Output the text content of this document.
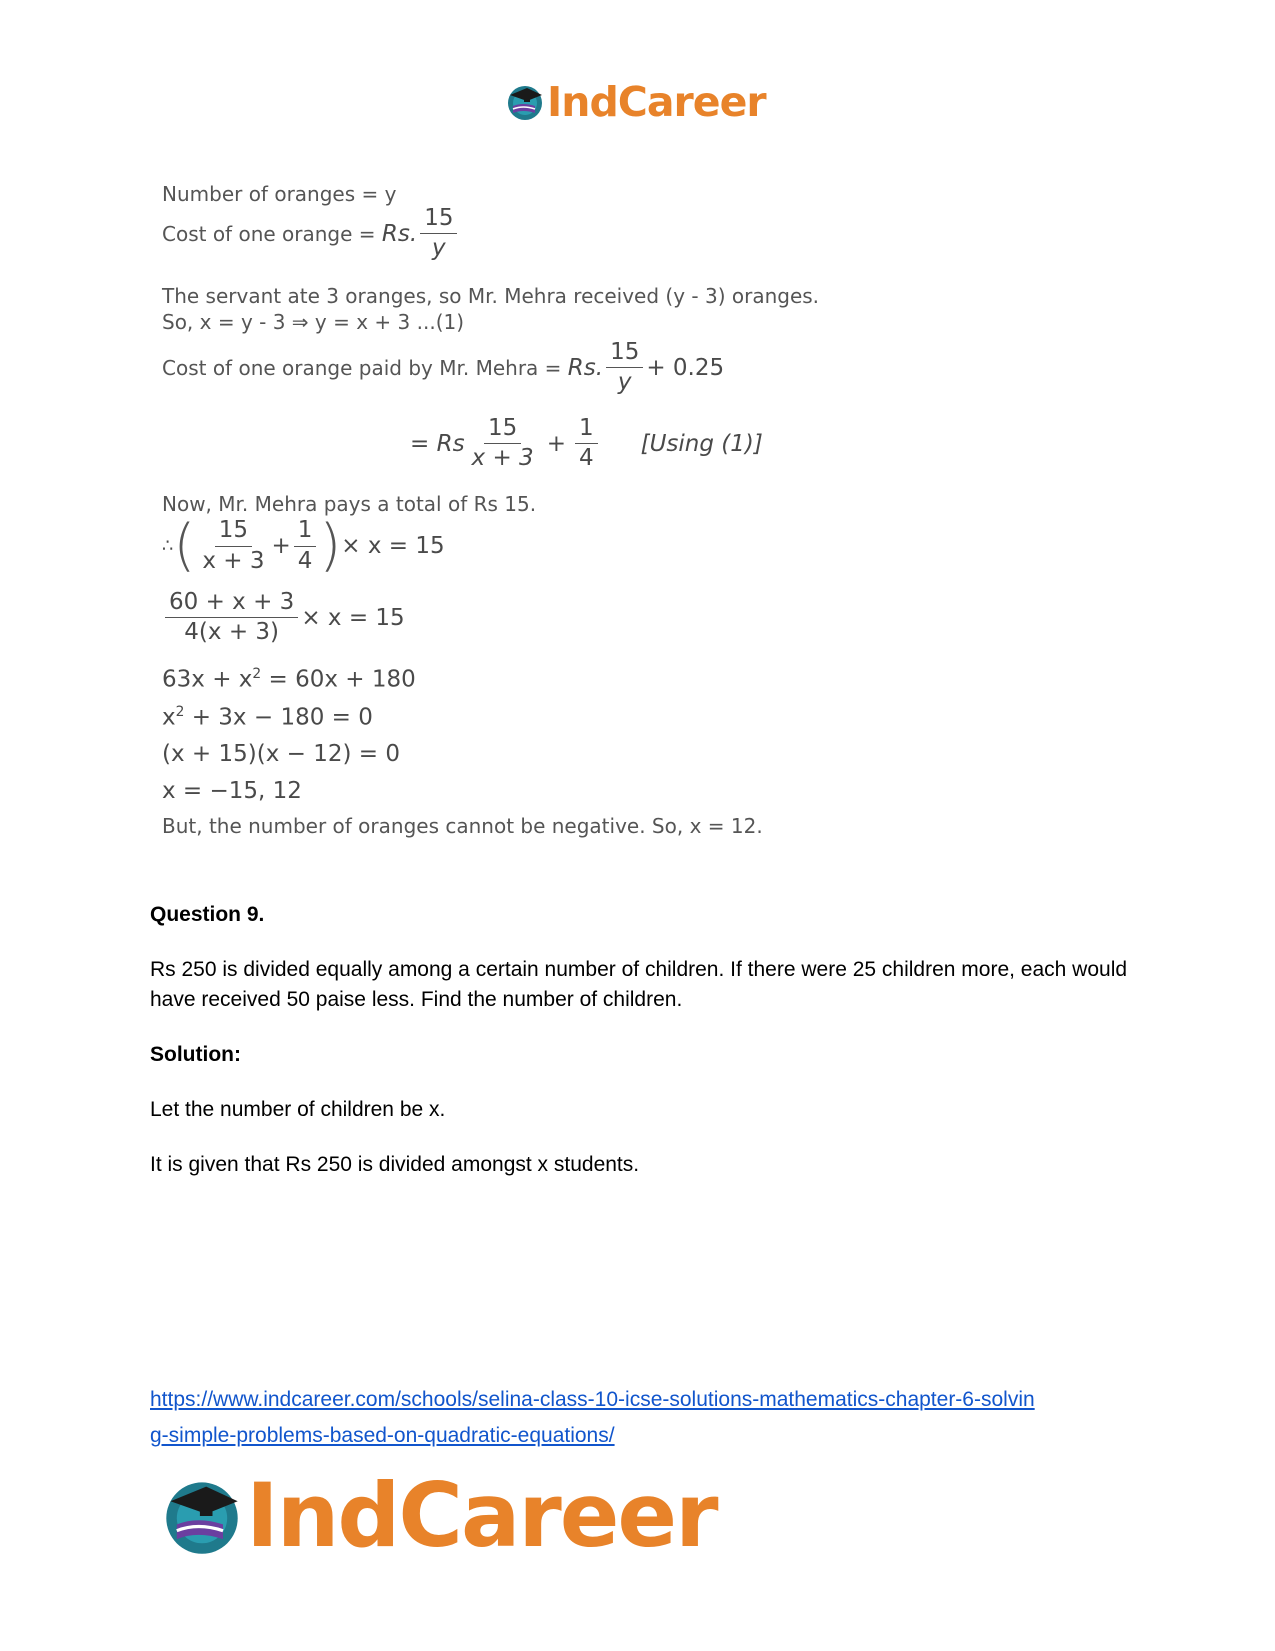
IndCareer
Number of oranges = y
Cost of one orange = Rs. $\frac{15}{y}$
The servant ate 3 oranges, so Mr. Mehra received (y - 3) oranges.
So, x = y - 3 ⇒ y = x + 3 ...(1)
Cost of one orange paid by Mr. Mehra = Rs. $\frac{15}{y} + 0.25$
= Rs $\frac{15}{x + 3} + \frac{1}{4} [Using$ (1)]
Now, Mr. Mehra pays a total of Rs 15.
∴( $\frac{15}{x + 3} + \frac{1}{4}$ )× x = 15
$\frac{60 + x + 3}{4(x + 3)} \times x = 15$
$63x + x^2 = 60x + 180$
$x^2 + 3x - 180 = 0$
(x + 15)(x − 12) = 0
x = −15, 12
But, the number of oranges cannot be negative. So, x = 12.
Question 9.
Rs 250 is divided equally among a certain number of children. If there were 25 children more, each would have received 50 paise less. Find the number of children.
Solution:
Let the number of children be x.
It is given that Rs 250 is divided amongst x students.
https://www.indcareer.com/schools/selina-class-10-icse-solutions-mathematics-chapter-6-solvin
g-simple-problems-based-on-quadratic-equations/
IndCareer
